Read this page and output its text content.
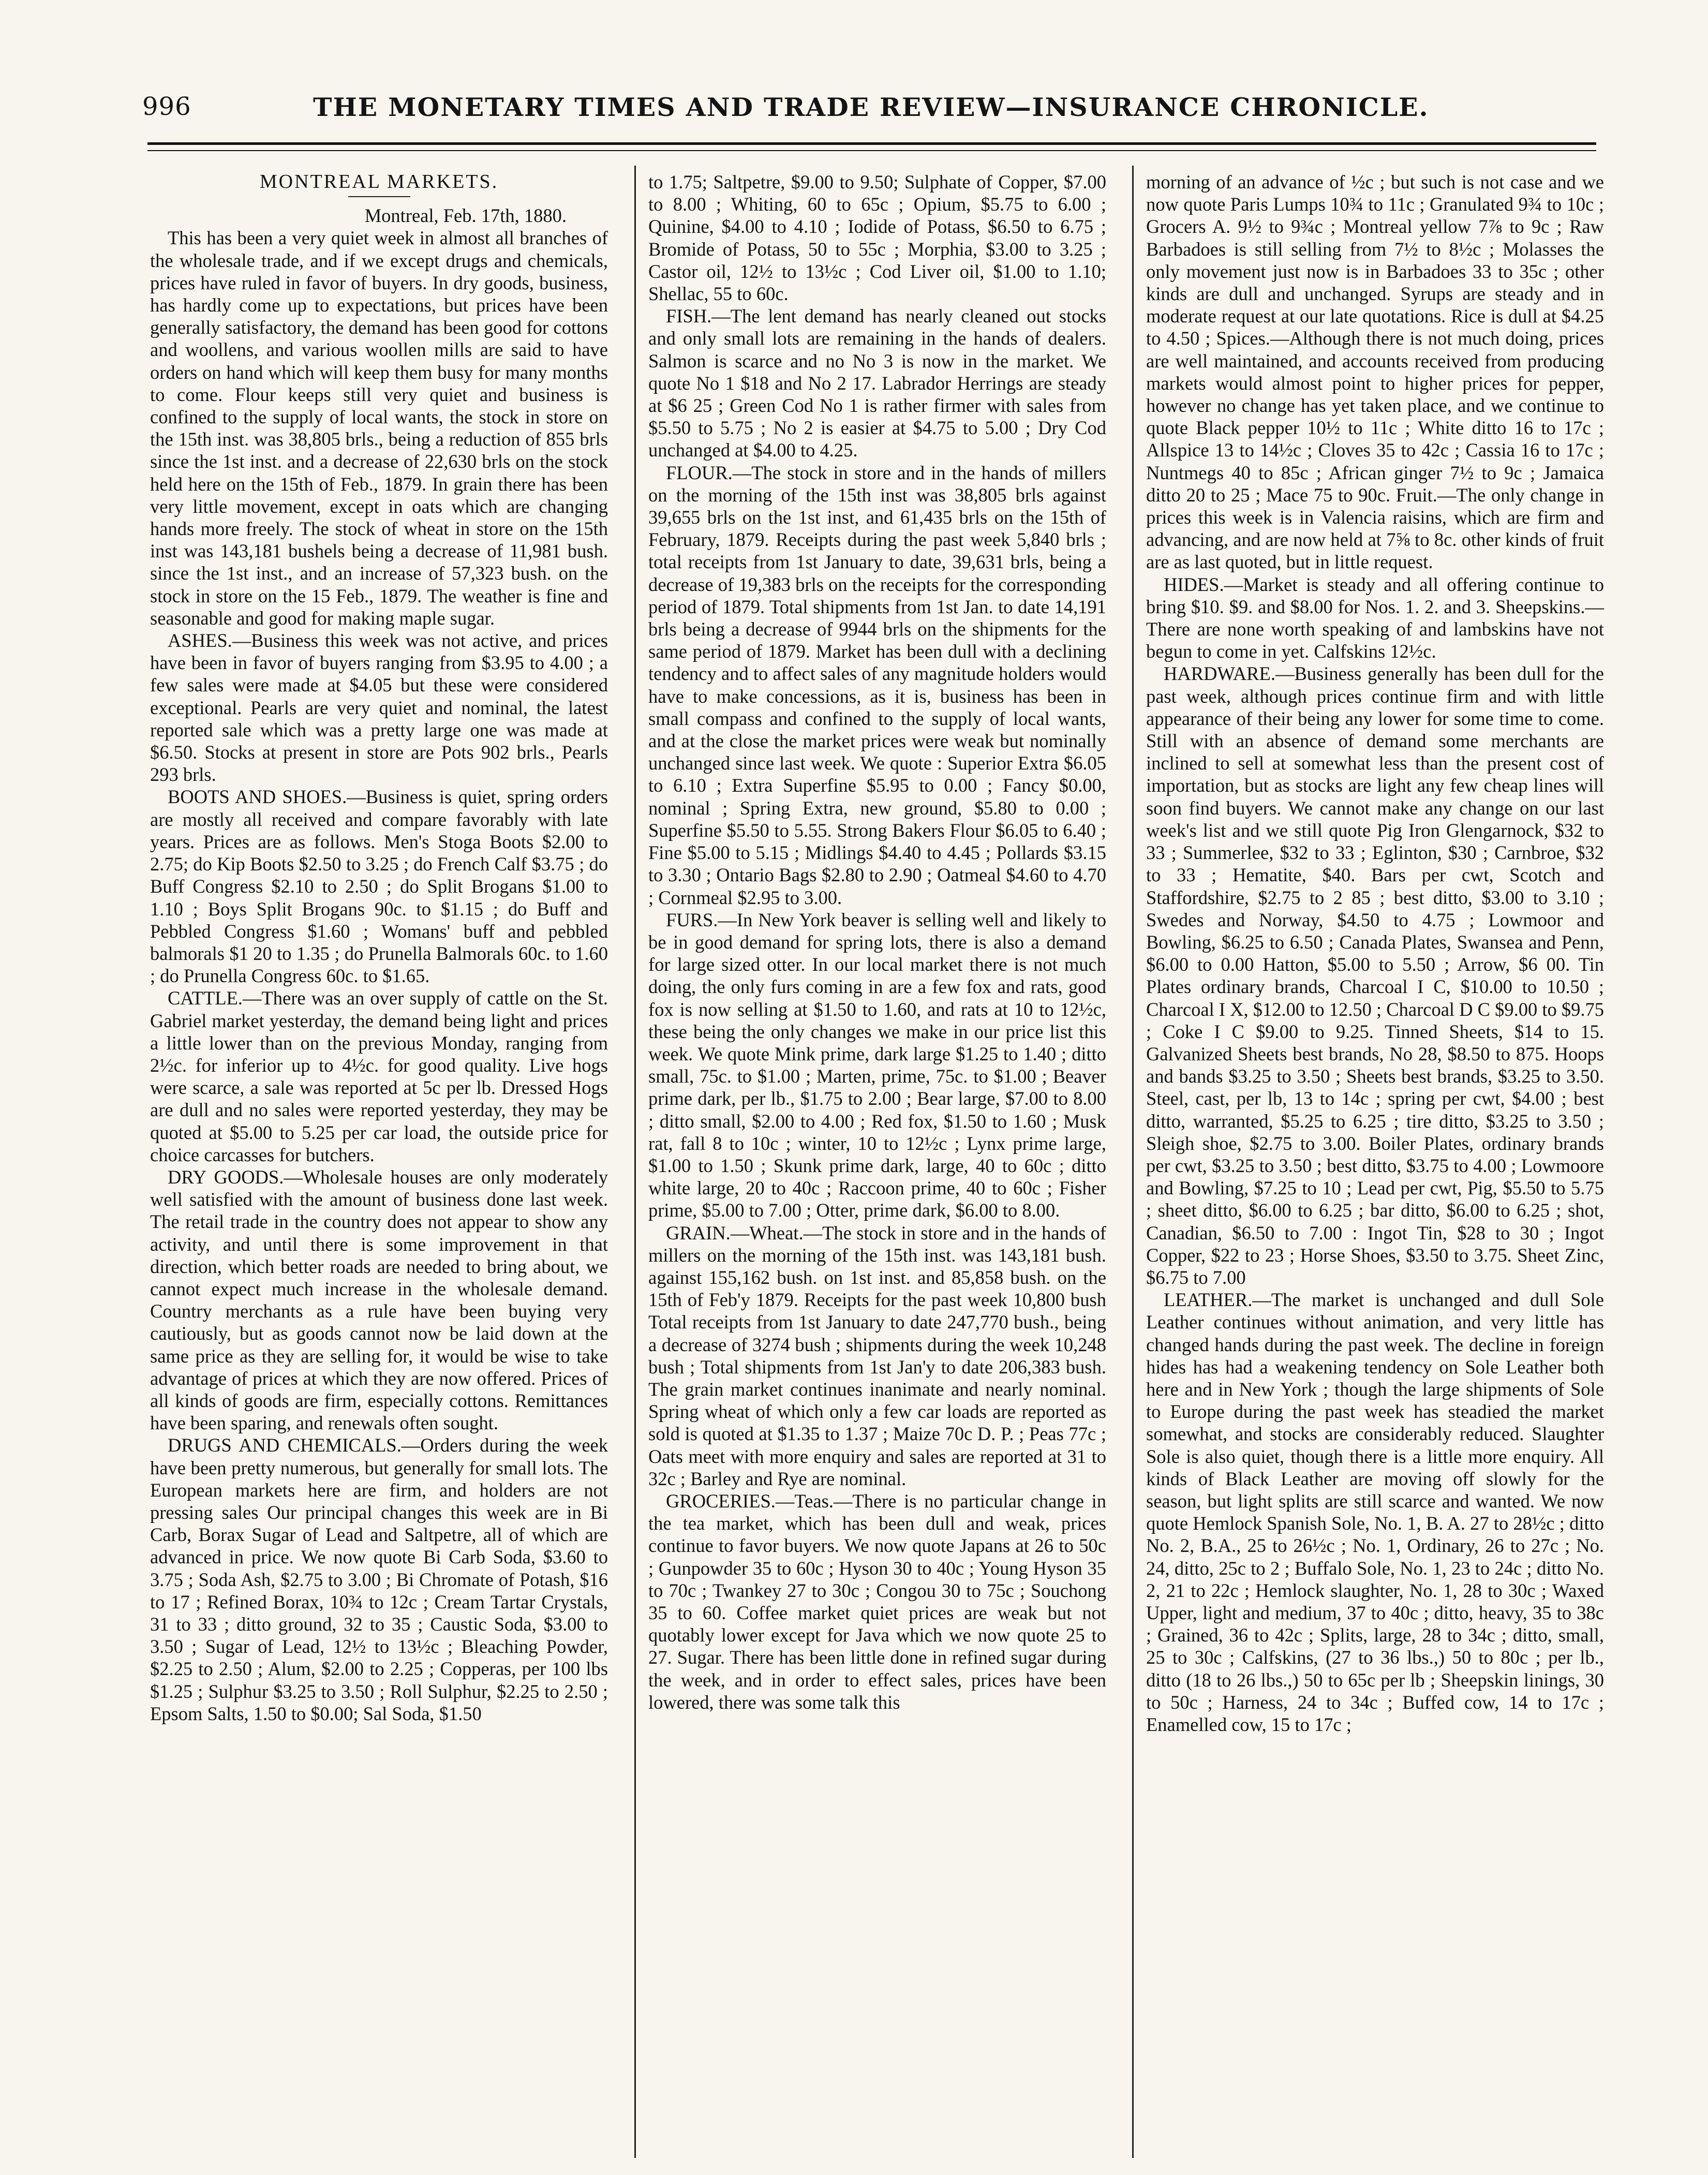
996	THE MONETARY TIMES AND TRADE REVIEW—INSURANCE CHRONICLE.
MONTREAL MARKETS.

Montreal, Feb. 17th, 1880.

This has been a very quiet week in almost all branches of the wholesale trade, and if we except drugs and chemicals, prices have ruled in favor of buyers. In dry goods, business, has hardly come up to expectations, but prices have been generally satisfactory, the demand has been good for cottons and woollens, and various woollen mills are said to have orders on hand which will keep them busy for many months to come. Flour keeps still very quiet and business is confined to the supply of local wants, the stock in store on the 15th inst. was 38,805 brls., being a reduction of 855 brls since the 1st inst. and a decrease of 22,630 brls on the stock held here on the 15th of Feb., 1879. In grain there has been very little movement, except in oats which are changing hands more freely. The stock of wheat in store on the 15th inst was 143,181 bushels being a decrease of 11,981 bush. since the 1st inst., and an increase of 57,323 bush. on the stock in store on the 15 Feb., 1879. The weather is fine and seasonable and good for making maple sugar.

ASHES.—Business this week was not active, and prices have been in favor of buyers ranging from $3.95 to 4.00 ; a few sales were made at $4.05 but these were considered exceptional. Pearls are very quiet and nominal, the latest reported sale which was a pretty large one was made at $6.50. Stocks at present in store are Pots 902 brls., Pearls 293 brls.

BOOTS AND SHOES.—Business is quiet, spring orders are mostly all received and compare favorably with late years. Prices are as follows. Men's Stoga Boots $2.00 to 2.75; do Kip Boots $2.50 to 3.25 ; do French Calf $3.75 ; do Buff Congress $2.10 to 2.50 ; do Split Brogans $1.00 to 1.10 ; Boys Split Brogans 90c. to $1.15 ; do Buff and Pebbled Congress $1.60 ; Womans' buff and pebbled balmorals $1 20 to 1.35 ; do Prunella Balmorals 60c. to 1.60 ; do Prunella Congress 60c. to $1.65.

CATTLE.—There was an over supply of cattle on the St. Gabriel market yesterday, the demand being light and prices a little lower than on the previous Monday, ranging from 2½c. for inferior up to 4½c. for good quality. Live hogs were scarce, a sale was reported at 5c per lb. Dressed Hogs are dull and no sales were reported yesterday, they may be quoted at $5.00 to 5.25 per car load, the outside price for choice carcasses for butchers.

DRY GOODS.—Wholesale houses are only moderately well satisfied with the amount of business done last week. The retail trade in the country does not appear to show any activity, and until there is some improvement in that direction, which better roads are needed to bring about, we cannot expect much increase in the wholesale demand. Country merchants as a rule have been buying very cautiously, but as goods cannot now be laid down at the same price as they are selling for, it would be wise to take advantage of prices at which they are now offered. Prices of all kinds of goods are firm, especially cottons. Remittances have been sparing, and renewals often sought.

DRUGS AND CHEMICALS.—Orders during the week have been pretty numerous, but generally for small lots. The European markets here are firm, and holders are not pressing sales Our principal changes this week are in Bi Carb, Borax Sugar of Lead and Saltpetre, all of which are advanced in price. We now quote Bi Carb Soda, $3.60 to 3.75 ; Soda Ash, $2.75 to 3.00 ; Bi Chromate of Potash, $16 to 17 ; Refined Borax, 10¾ to 12c ; Cream Tartar Crystals, 31 to 33 ; ditto ground, 32 to 35 ; Caustic Soda, $3.00 to 3.50 ; Sugar of Lead, 12½ to 13½c ; Bleaching Powder, $2.25 to 2.50 ; Alum, $2.00 to 2.25 ; Copperas, per 100 lbs $1.25 ; Sulphur $3.25 to 3.50 ; Roll Sulphur, $2.25 to 2.50 ; Epsom Salts, 1.50 to $0.00; Sal Soda, $1.50

to 1.75; Saltpetre, $9.00 to 9.50; Sulphate of Copper, $7.00 to 8.00 ; Whiting, 60 to 65c ; Opium, $5.75 to 6.00 ; Quinine, $4.00 to 4.10 ; Iodide of Potass, $6.50 to 6.75 ; Bromide of Potass, 50 to 55c ; Morphia, $3.00 to 3.25 ; Castor oil, 12½ to 13½c ; Cod Liver oil, $1.00 to 1.10; Shellac, 55 to 60c.

FISH.—The lent demand has nearly cleaned out stocks and only small lots are remaining in the hands of dealers. Salmon is scarce and no No 3 is now in the market. We quote No 1 $18 and No 2 17. Labrador Herrings are steady at $6 25 ; Green Cod No 1 is rather firmer with sales from $5.50 to 5.75 ; No 2 is easier at $4.75 to 5.00 ; Dry Cod unchanged at $4.00 to 4.25.

FLOUR.—The stock in store and in the hands of millers on the morning of the 15th inst was 38,805 brls against 39,655 brls on the 1st inst, and 61,435 brls on the 15th of February, 1879. Receipts during the past week 5,840 brls ; total receipts from 1st January to date, 39,631 brls, being a decrease of 19,383 brls on the receipts for the corresponding period of 1879. Total shipments from 1st Jan. to date 14,191 brls being a decrease of 9944 brls on the shipments for the same period of 1879. Market has been dull with a declining tendency and to affect sales of any magnitude holders would have to make concessions, as it is, business has been in small compass and confined to the supply of local wants, and at the close the market prices were weak but nominally unchanged since last week. We quote : Superior Extra $6.05 to 6.10 ; Extra Superfine $5.95 to 0.00 ; Fancy $0.00, nominal ; Spring Extra, new ground, $5.80 to 0.00 ; Superfine $5.50 to 5.55. Strong Bakers Flour $6.05 to 6.40 ; Fine $5.00 to 5.15 ; Midlings $4.40 to 4.45 ; Pollards $3.15 to 3.30 ; Ontario Bags $2.80 to 2.90 ; Oatmeal $4.60 to 4.70 ; Cornmeal $2.95 to 3.00.

FURS.—In New York beaver is selling well and likely to be in good demand for spring lots, there is also a demand for large sized otter. In our local market there is not much doing, the only furs coming in are a few fox and rats, good fox is now selling at $1.50 to 1.60, and rats at 10 to 12½c, these being the only changes we make in our price list this week. We quote Mink prime, dark large $1.25 to 1.40 ; ditto small, 75c. to $1.00 ; Marten, prime, 75c. to $1.00 ; Beaver prime dark, per lb., $1.75 to 2.00 ; Bear large, $7.00 to 8.00 ; ditto small, $2.00 to 4.00 ; Red fox, $1.50 to 1.60 ; Musk rat, fall 8 to 10c ; winter, 10 to 12½c ; Lynx prime large, $1.00 to 1.50 ; Skunk prime dark, large, 40 to 60c ; ditto white large, 20 to 40c ; Raccoon prime, 40 to 60c ; Fisher prime, $5.00 to 7.00 ; Otter, prime dark, $6.00 to 8.00.

GRAIN.—Wheat.—The stock in store and in the hands of millers on the morning of the 15th inst. was 143,181 bush. against 155,162 bush. on 1st inst. and 85,858 bush. on the 15th of Feb'y 1879. Receipts for the past week 10,800 bush Total receipts from 1st January to date 247,770 bush., being a decrease of 3274 bush ; shipments during the week 10,248 bush ; Total shipments from 1st Jan'y to date 206,383 bush. The grain market continues inanimate and nearly nominal. Spring wheat of which only a few car loads are reported as sold is quoted at $1.35 to 1.37 ; Maize 70c D. P. ; Peas 77c ; Oats meet with more enquiry and sales are reported at 31 to 32c ; Barley and Rye are nominal.

GROCERIES.—Teas.—There is no particular change in the tea market, which has been dull and weak, prices continue to favor buyers. We now quote Japans at 26 to 50c ; Gunpowder 35 to 60c ; Hyson 30 to 40c ; Young Hyson 35 to 70c ; Twankey 27 to 30c ; Congou 30 to 75c ; Souchong 35 to 60. Coffee market quiet prices are weak but not quotably lower except for Java which we now quote 25 to 27. Sugar. There has been little done in refined sugar during the week, and in order to effect sales, prices have been lowered, there was some talk this

morning of an advance of ½c ; but such is not case and we now quote Paris Lumps 10¾ to 11c ; Granulated 9¾ to 10c ; Grocers A. 9½ to 9¾c ; Montreal yellow 7⅞ to 9c ; Raw Barbadoes is still selling from 7½ to 8½c ; Molasses the only movement just now is in Barbadoes 33 to 35c ; other kinds are dull and unchanged. Syrups are steady and in moderate request at our late quotations. Rice is dull at $4.25 to 4.50 ; Spices.—Although there is not much doing, prices are well maintained, and accounts received from producing markets would almost point to higher prices for pepper, however no change has yet taken place, and we continue to quote Black pepper 10½ to 11c ; White ditto 16 to 17c ; Allspice 13 to 14½c ; Cloves 35 to 42c ; Cassia 16 to 17c ; Nuntmegs 40 to 85c ; African ginger 7½ to 9c ; Jamaica ditto 20 to 25 ; Mace 75 to 90c. Fruit.—The only change in prices this week is in Valencia raisins, which are firm and advancing, and are now held at 7⅝ to 8c. other kinds of fruit are as last quoted, but in little request.

HIDES.—Market is steady and all offering continue to bring $10. $9. and $8.00 for Nos. 1. 2. and 3. Sheepskins.—There are none worth speaking of and lambskins have not begun to come in yet. Calfskins 12½c.

HARDWARE.—Business generally has been dull for the past week, although prices continue firm and with little appearance of their being any lower for some time to come. Still with an absence of demand some merchants are inclined to sell at somewhat less than the present cost of importation, but as stocks are light any few cheap lines will soon find buyers. We cannot make any change on our last week's list and we still quote Pig Iron Glengarnock, $32 to 33 ; Summerlee, $32 to 33 ; Eglinton, $30 ; Carnbroe, $32 to 33 ; Hematite, $40. Bars per cwt, Scotch and Staffordshire, $2.75 to 2 85 ; best ditto, $3.00 to 3.10 ; Swedes and Norway, $4.50 to 4.75 ; Lowmoor and Bowling, $6.25 to 6.50 ; Canada Plates, Swansea and Penn, $6.00 to 0.00 Hatton, $5.00 to 5.50 ; Arrow, $6 00. Tin Plates ordinary brands, Charcoal I C, $10.00 to 10.50 ; Charcoal I X, $12.00 to 12.50 ; Charcoal D C $9.00 to $9.75 ; Coke I C $9.00 to 9.25. Tinned Sheets, $14 to 15. Galvanized Sheets best brands, No 28, $8.50 to 875. Hoops and bands $3.25 to 3.50 ; Sheets best brands, $3.25 to 3.50. Steel, cast, per lb, 13 to 14c ; spring per cwt, $4.00 ; best ditto, warranted, $5.25 to 6.25 ; tire ditto, $3.25 to 3.50 ; Sleigh shoe, $2.75 to 3.00. Boiler Plates, ordinary brands per cwt, $3.25 to 3.50 ; best ditto, $3.75 to 4.00 ; Lowmoore and Bowling, $7.25 to 10 ; Lead per cwt, Pig, $5.50 to 5.75 ; sheet ditto, $6.00 to 6.25 ; bar ditto, $6.00 to 6.25 ; shot, Canadian, $6.50 to 7.00 : Ingot Tin, $28 to 30 ; Ingot Copper, $22 to 23 ; Horse Shoes, $3.50 to 3.75. Sheet Zinc, $6.75 to 7.00

LEATHER.—The market is unchanged and dull Sole Leather continues without animation, and very little has changed hands during the past week. The decline in foreign hides has had a weakening tendency on Sole Leather both here and in New York ; though the large shipments of Sole to Europe during the past week has steadied the market somewhat, and stocks are considerably reduced. Slaughter Sole is also quiet, though there is a little more enquiry. All kinds of Black Leather are moving off slowly for the season, but light splits are still scarce and wanted. We now quote Hemlock Spanish Sole, No. 1, B. A. 27 to 28½c ; ditto No. 2, B.A., 25 to 26½c ; No. 1, Ordinary, 26 to 27c ; No. 24, ditto, 25c to 2 ; Buffalo Sole, No. 1, 23 to 24c ; ditto No. 2, 21 to 22c ; Hemlock slaughter, No. 1, 28 to 30c ; Waxed Upper, light and medium, 37 to 40c ; ditto, heavy, 35 to 38c ; Grained, 36 to 42c ; Splits, large, 28 to 34c ; ditto, small, 25 to 30c ; Calfskins, (27 to 36 lbs.,) 50 to 80c ; per lb., ditto (18 to 26 lbs.,) 50 to 65c per lb ; Sheepskin linings, 30 to 50c ; Harness, 24 to 34c ; Buffed cow, 14 to 17c ; Enamelled cow, 15 to 17c ;
